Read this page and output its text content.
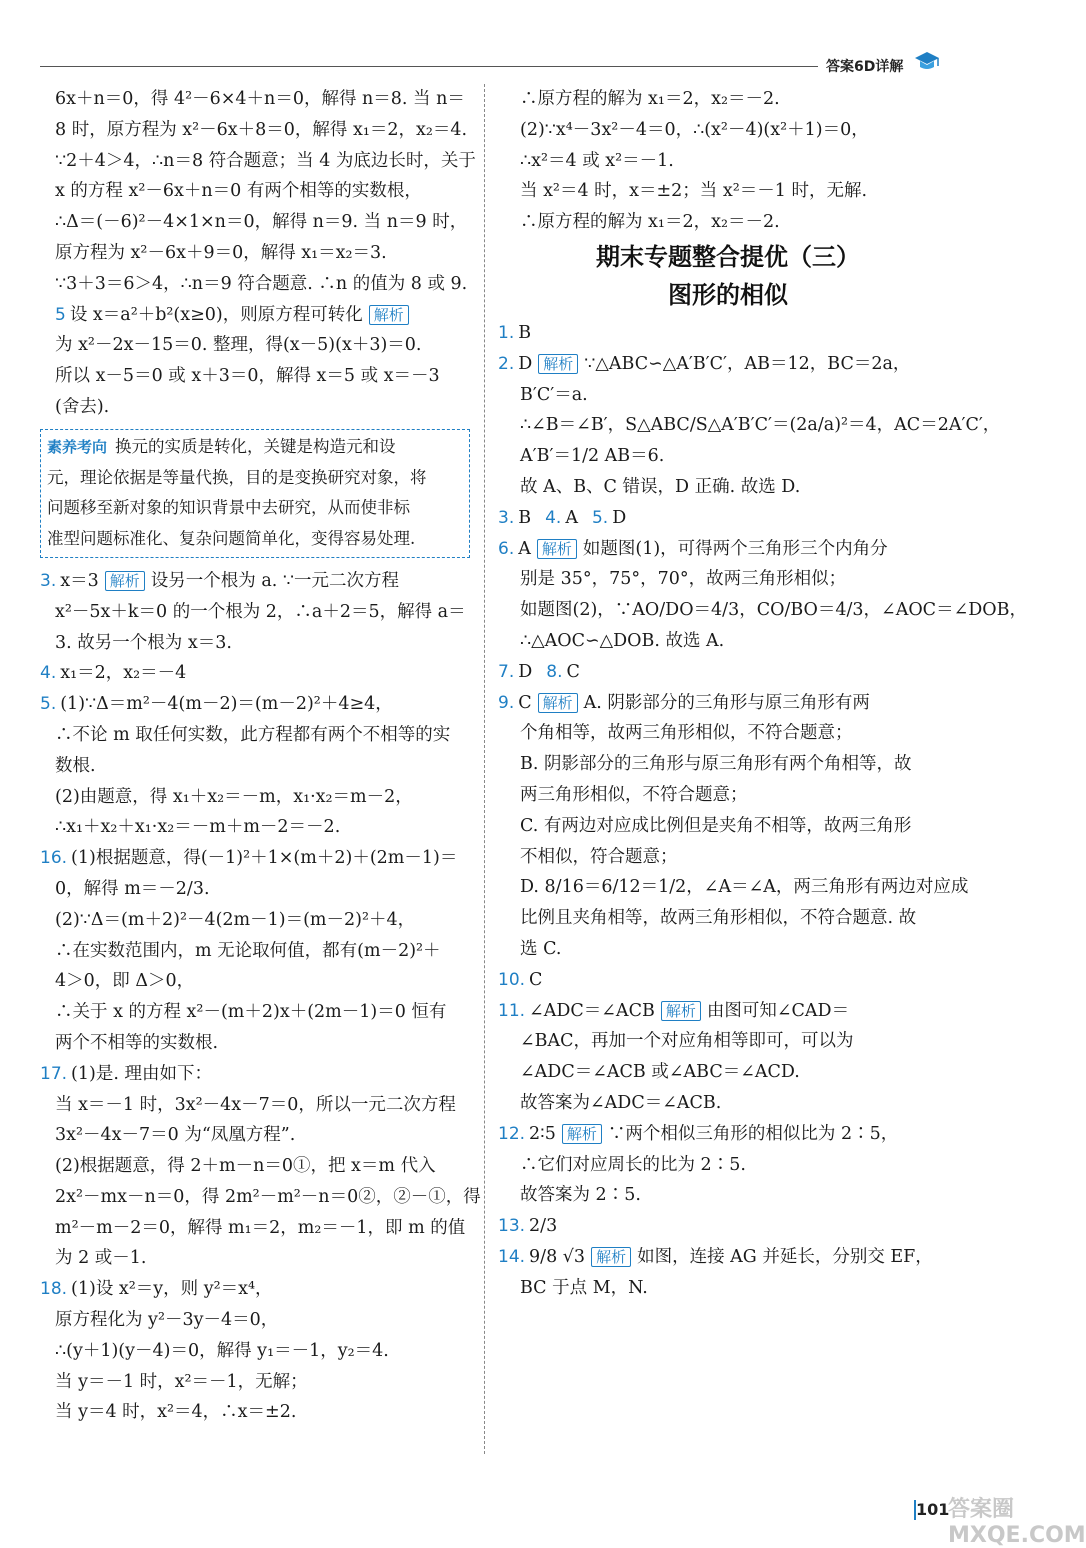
答案6D详解
6x＋n＝0，得 4²－6×4＋n＝0，解得 n＝8. 当 n＝
8 时，原方程为 x²－6x＋8＝0，解得 x₁＝2，x₂＝4.
∵2＋4＞4，∴n＝8 符合题意；当 4 为底边长时，关于
x 的方程 x²－6x＋n＝0 有两个相等的实数根，
∴Δ＝(－6)²－4×1×n＝0，解得 n＝9. 当 n＝9 时，
原方程为 x²－6x＋9＝0，解得 x₁＝x₂＝3.
∵3＋3＝6＞4，∴n＝9 符合题意. ∴n 的值为 8 或 9.
5 设 x＝a²＋b²(x≥0)，则原方程可转化 解析
为 x²－2x－15＝0. 整理，得(x－5)(x＋3)＝0.
所以 x－5＝0 或 x＋3＝0，解得 x＝5 或 x＝－3
(舍去).
素养考向 换元的实质是转化，关键是构造元和设
元，理论依据是等量代换，目的是变换研究对象，将
问题移至新对象的知识背景中去研究，从而使非标
准型问题标准化、复杂问题简单化，变得容易处理.
3. x＝3 解析 设另一个根为 a. ∵一元二次方程
x²－5x＋k＝0 的一个根为 2，∴a＋2＝5，解得 a＝
3. 故另一个根为 x＝3.
4. x₁＝2，x₂＝－4
5. (1)∵Δ＝m²－4(m－2)＝(m－2)²＋4≥4，
∴不论 m 取任何实数，此方程都有两个不相等的实
数根.
(2)由题意，得 x₁＋x₂＝－m，x₁·x₂＝m－2，
∴x₁＋x₂＋x₁·x₂＝－m＋m－2＝－2.
16. (1)根据题意，得(－1)²＋1×(m＋2)＋(2m－1)＝
0，解得 m＝－2/3.
(2)∵Δ＝(m＋2)²－4(2m－1)＝(m－2)²＋4，
∴在实数范围内，m 无论取何值，都有(m－2)²＋
4＞0，即 Δ＞0，
∴关于 x 的方程 x²－(m＋2)x＋(2m－1)＝0 恒有
两个不相等的实数根.
17. (1)是. 理由如下：
当 x＝－1 时，3x²－4x－7＝0，所以一元二次方程
3x²－4x－7＝0 为“凤凰方程”.
(2)根据题意，得 2＋m－n＝0①，把 x＝m 代入
2x²－mx－n＝0，得 2m²－m²－n＝0②，②－①，得
m²－m－2＝0，解得 m₁＝2，m₂＝－1，即 m 的值
为 2 或－1.
18. (1)设 x²＝y，则 y²＝x⁴，
原方程化为 y²－3y－4＝0，
∴(y＋1)(y－4)＝0，解得 y₁＝－1，y₂＝4.
当 y＝－1 时，x²＝－1，无解；
当 y＝4 时，x²＝4，∴x＝±2.
∴原方程的解为 x₁＝2，x₂＝－2.
(2)∵x⁴－3x²－4＝0，∴(x²－4)(x²＋1)＝0，
∴x²＝4 或 x²＝－1.
当 x²＝4 时，x＝±2；当 x²＝－1 时，无解.
∴原方程的解为 x₁＝2，x₂＝－2.
期末专题整合提优（三）
图形的相似
1. B
2. D 解析 ∵△ABC∽△A′B′C′，AB＝12，BC＝2a，
B′C′＝a.
∴∠B＝∠B′，S△ABC/S△A′B′C′＝(2a/a)²＝4，AC＝2A′C′，
A′B′＝1/2 AB＝6.
故 A、B、C 错误，D 正确. 故选 D.
3. B 4. A 5. D
6. A 解析 如题图(1)，可得两个三角形三个内角分
别是 35°，75°，70°，故两三角形相似；
如题图(2)，∵AO/DO＝4/3，CO/BO＝4/3，∠AOC＝∠DOB，
∴△AOC∽△DOB. 故选 A.
7. D 8. C
9. C 解析 A. 阴影部分的三角形与原三角形有两
个角相等，故两三角形相似，不符合题意；
B. 阴影部分的三角形与原三角形有两个角相等，故
两三角形相似，不符合题意；
C. 有两边对应成比例但是夹角不相等，故两三角形
不相似，符合题意；
D. 8/16＝6/12＝1/2，∠A＝∠A，两三角形有两边对应成
比例且夹角相等，故两三角形相似，不符合题意. 故
选 C.
10. C
11. ∠ADC＝∠ACB 解析 由图可知∠CAD＝
∠BAC，再加一个对应角相等即可，可以为
∠ADC＝∠ACB 或∠ABC＝∠ACD.
故答案为∠ADC＝∠ACB.
12. 2∶5 解析 ∵两个相似三角形的相似比为 2∶5，
∴它们对应周长的比为 2∶5.
故答案为 2∶5.
13. 2/3
14. 9/8 √3 解析 如图，连接 AG 并延长，分别交 EF，
BC 于点 M，N.
101
答案圈 MXQE.COM
